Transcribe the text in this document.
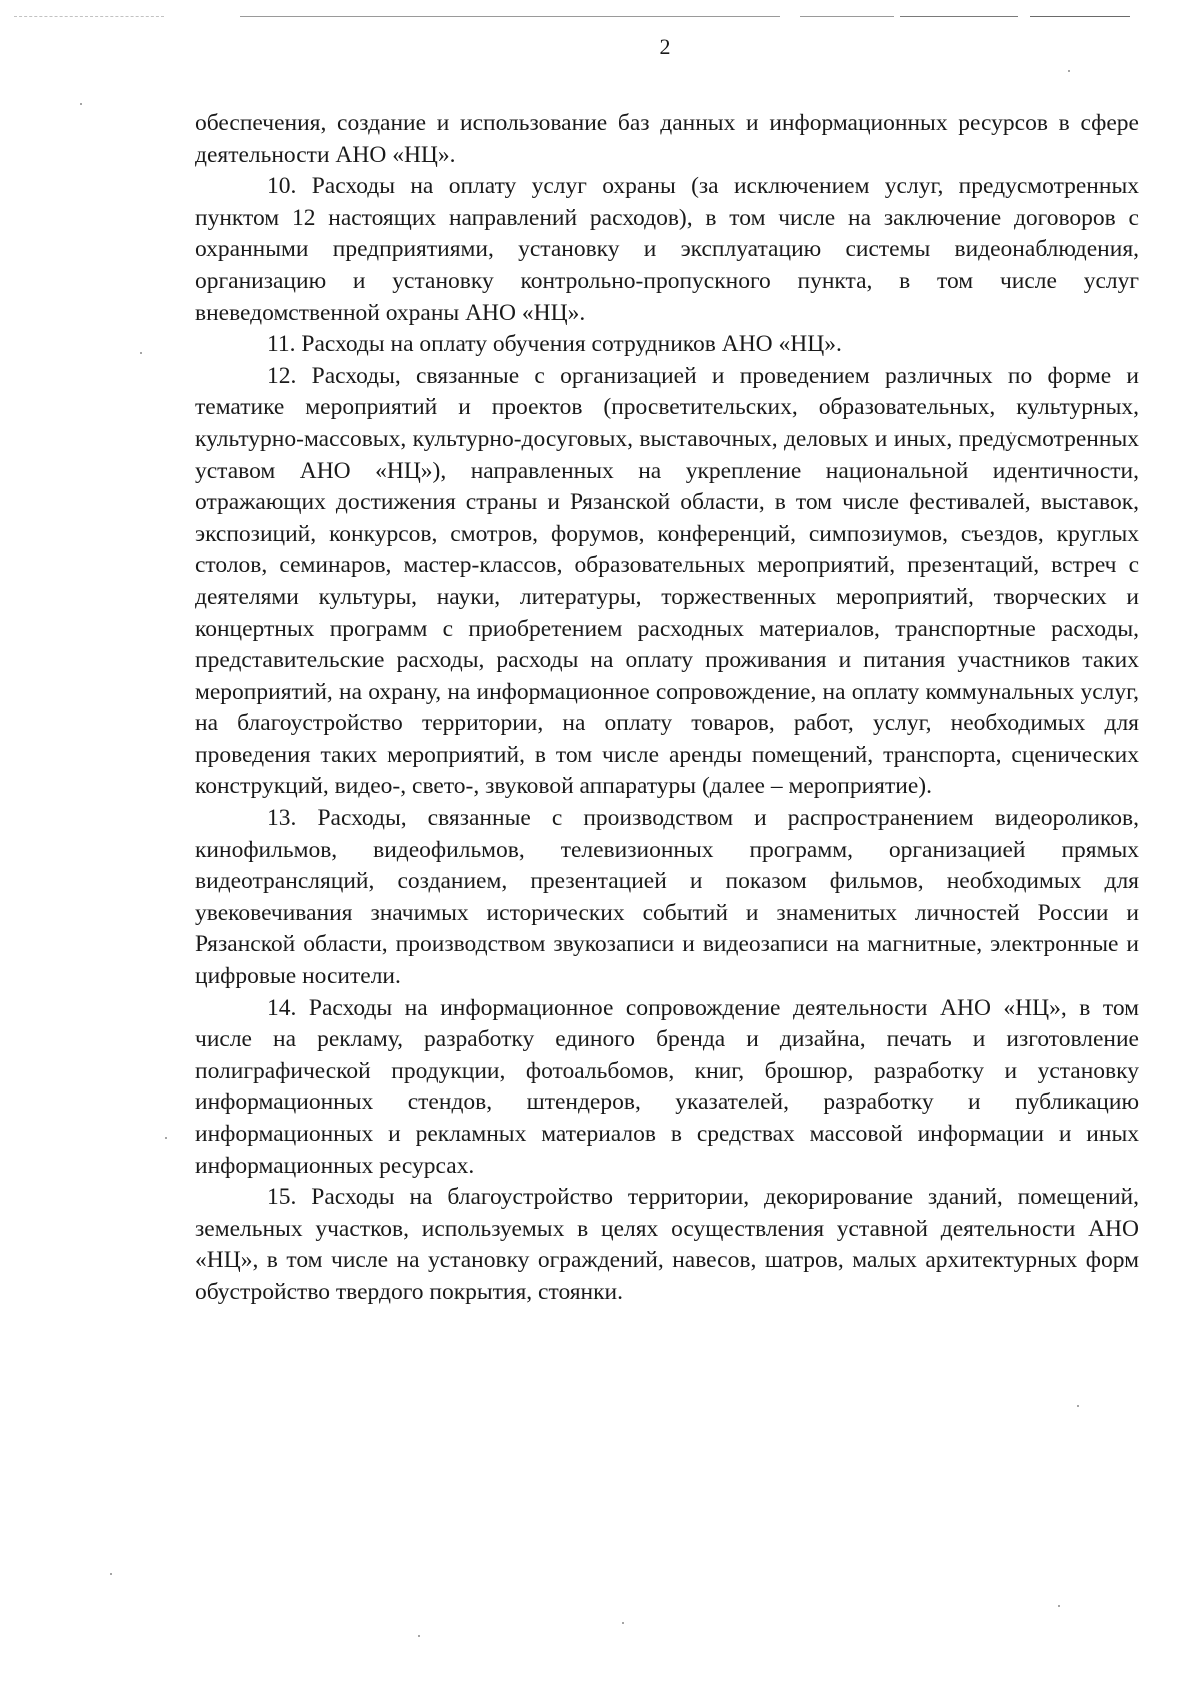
2

обеспечения, создание и использование баз данных и информационных ресурсов в сфере деятельности АНО «НЦ».

10. Расходы на оплату услуг охраны (за исключением услуг, предусмотренных пунктом 12 настоящих направлений расходов), в том числе на заключение договоров с охранными предприятиями, установку и эксплуатацию системы видеонаблюдения, организацию и установку контрольно-пропускного пункта, в том числе услуг вневедомственной охраны АНО «НЦ».

11. Расходы на оплату обучения сотрудников АНО «НЦ».

12. Расходы, связанные с организацией и проведением различных по форме и тематике мероприятий и проектов (просветительских, образовательных, культурных, культурно-массовых, культурно-досуговых, выставочных, деловых и иных, предусмотренных уставом АНО «НЦ»), направленных на укрепление национальной идентичности, отражающих достижения страны и Рязанской области, в том числе фестивалей, выставок, экспозиций, конкурсов, смотров, форумов, конференций, симпозиумов, съездов, круглых столов, семинаров, мастер-классов, образовательных мероприятий, презентаций, встреч с деятелями культуры, науки, литературы, торжественных мероприятий, творческих и концертных программ с приобретением расходных материалов, транспортные расходы, представительские расходы, расходы на оплату проживания и питания участников таких мероприятий, на охрану, на информационное сопровождение, на оплату коммунальных услуг, на благоустройство территории, на оплату товаров, работ, услуг, необходимых для проведения таких мероприятий, в том числе аренды помещений, транспорта, сценических конструкций, видео-, свето-, звуковой аппаратуры (далее – мероприятие).

13. Расходы, связанные с производством и распространением видеороликов, кинофильмов, видеофильмов, телевизионных программ, организацией прямых видеотрансляций, созданием, презентацией и показом фильмов, необходимых для увековечивания значимых исторических событий и знаменитых личностей России и Рязанской области, производством звукозаписи и видеозаписи на магнитные, электронные и цифровые носители.

14. Расходы на информационное сопровождение деятельности АНО «НЦ», в том числе на рекламу, разработку единого бренда и дизайна, печать и изготовление полиграфической продукции, фотоальбомов, книг, брошюр, разработку и установку информационных стендов, штендеров, указателей, разработку и публикацию информационных и рекламных материалов в средствах массовой информации и иных информационных ресурсах.

15. Расходы на благоустройство территории, декорирование зданий, помещений, земельных участков, используемых в целях осуществления уставной деятельности АНО «НЦ», в том числе на установку ограждений, навесов, шатров, малых архитектурных форм обустройство твердого покрытия, стоянки.
